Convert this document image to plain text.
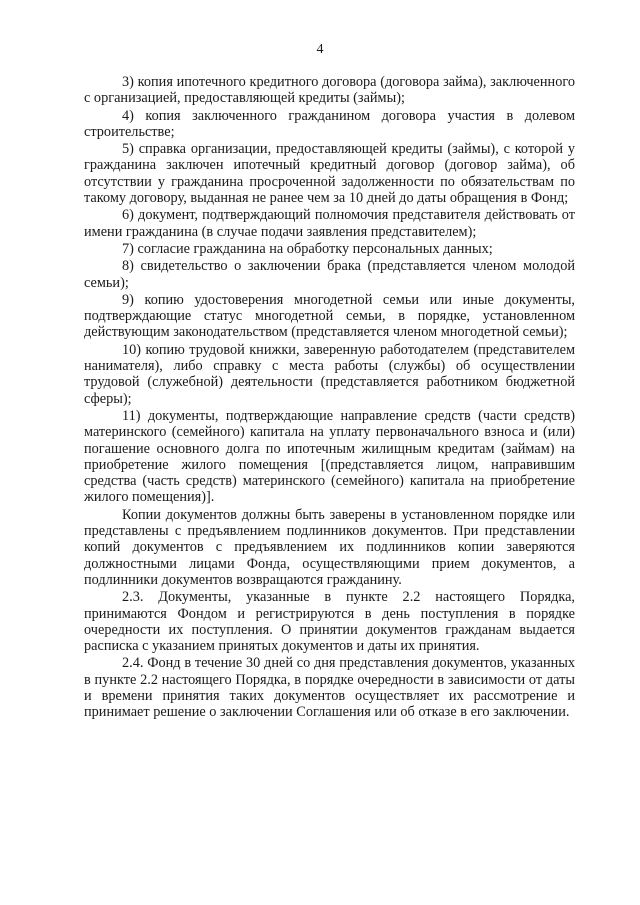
4

3) копия ипотечного кредитного договора (договора займа), заключенного с организацией, предоставляющей кредиты (займы);

4) копия заключенного гражданином договора участия в долевом строительстве;

5) справка организации, предоставляющей кредиты (займы), с которой у гражданина заключен ипотечный кредитный договор (договор займа), об отсутствии у гражданина просроченной задолженности по обязательствам по такому договору, выданная не ранее чем за 10 дней до даты обращения в Фонд;

6) документ, подтверждающий полномочия представителя действовать от имени гражданина (в случае подачи заявления представителем);

7) согласие гражданина на обработку персональных данных;

8) свидетельство о заключении брака (представляется членом молодой семьи);

9) копию удостоверения многодетной семьи или иные документы, подтверждающие статус многодетной семьи, в порядке, установленном действующим законодательством (представляется членом многодетной семьи);

10) копию трудовой книжки, заверенную работодателем (представителем нанимателя), либо справку с места работы (службы) об осуществлении трудовой (служебной) деятельности (представляется работником бюджетной сферы);

11) документы, подтверждающие направление средств (части средств) материнского (семейного) капитала на уплату первоначального взноса и (или) погашение основного долга по ипотечным жилищным кредитам (займам) на приобретение жилого помещения [(представляется лицом, направившим средства (часть средств) материнского (семейного) капитала на приобретение жилого помещения)].

Копии документов должны быть заверены в установленном порядке или представлены с предъявлением подлинников документов. При представлении копий документов с предъявлением их подлинников копии заверяются должностными лицами Фонда, осуществляющими прием документов, а подлинники документов возвращаются гражданину.

2.3. Документы, указанные в пункте 2.2 настоящего Порядка, принимаются Фондом и регистрируются в день поступления в порядке очередности их поступления. О принятии документов гражданам выдается расписка с указанием принятых документов и даты их принятия.

2.4. Фонд в течение 30 дней со дня представления документов, указанных в пункте 2.2 настоящего Порядка, в порядке очередности в зависимости от даты и времени принятия таких документов осуществляет их рассмотрение и принимает решение о заключении Соглашения или об отказе в его заключении.
